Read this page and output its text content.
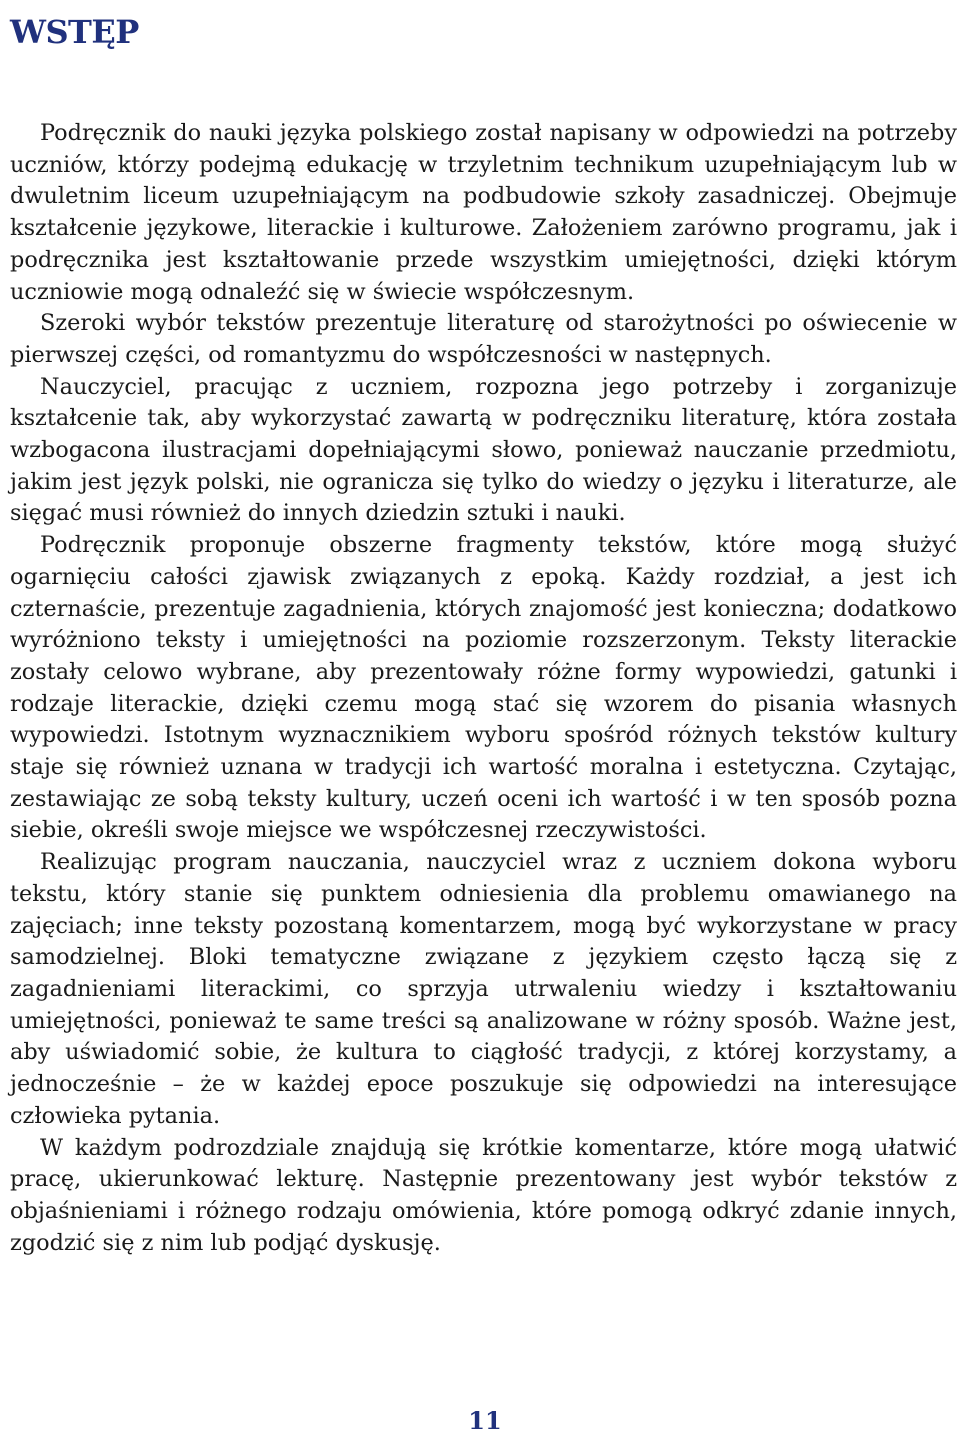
wstęp

Podręcznik do nauki języka polskiego został napisany w odpowiedzi na potrzeby uczniów, którzy podejmą edukację w trzyletnim technikum uzupełniającym lub w dwuletnim liceum uzupełniającym na podbudowie szkoły zasadniczej. Obejmuje kształcenie językowe, literackie i kulturowe. Założeniem zarówno programu, jak i podręcznika jest kształtowanie przede wszystkim umiejętności, dzięki którym uczniowie mogą odnaleźć się w świecie współczesnym.

Szeroki wybór tekstów prezentuje literaturę od starożytności po oświecenie w pierwszej części, od romantyzmu do współczesności w następnych.

Nauczyciel, pracując z uczniem, rozpozna jego potrzeby i zorganizuje kształcenie tak, aby wykorzystać zawartą w podręczniku literaturę, która została wzbogacona ilustracjami dopełniającymi słowo, ponieważ nauczanie przedmiotu, jakim jest język polski, nie ogranicza się tylko do wiedzy o języku i literaturze, ale sięgać musi również do innych dziedzin sztuki i nauki.

Podręcznik proponuje obszerne fragmenty tekstów, które mogą służyć ogarnięciu całości zjawisk związanych z epoką. Każdy rozdział, a jest ich czternaście, prezentuje zagadnienia, których znajomość jest konieczna; dodatkowo wyróżniono teksty i umiejętności na poziomie rozszerzonym. Teksty literackie zostały celowo wybrane, aby prezentowały różne formy wypowiedzi, gatunki i rodzaje literackie, dzięki czemu mogą stać się wzorem do pisania własnych wypowiedzi. Istotnym wyznacznikiem wyboru spośród różnych tekstów kultury staje się również uznana w tradycji ich wartość moralna i estetyczna. Czytając, zestawiając ze sobą teksty kultury, uczeń oceni ich wartość i w ten sposób pozna siebie, określi swoje miejsce we współczesnej rzeczywistości.

Realizując program nauczania, nauczyciel wraz z uczniem dokona wyboru tekstu, który stanie się punktem odniesienia dla problemu omawianego na zajęciach; inne teksty pozostaną komentarzem, mogą być wykorzystane w pracy samodzielnej. Bloki tematyczne związane z językiem często łączą się z zagadnieniami literackimi, co sprzyja utrwaleniu wiedzy i kształtowaniu umiejętności, ponieważ te same treści są analizowane w różny sposób. Ważne jest, aby uświadomić sobie, że kultura to ciągłość tradycji, z której korzystamy, a jednocześnie – że w każdej epoce poszukuje się odpowiedzi na interesujące człowieka pytania.

W każdym podrozdziale znajdują się krótkie komentarze, które mogą ułatwić pracę, ukierunkować lekturę. Następnie prezentowany jest wybór tekstów z objaśnieniami i różnego rodzaju omówienia, które pomogą odkryć zdanie innych, zgodzić się z nim lub podjąć dyskusję.

11
